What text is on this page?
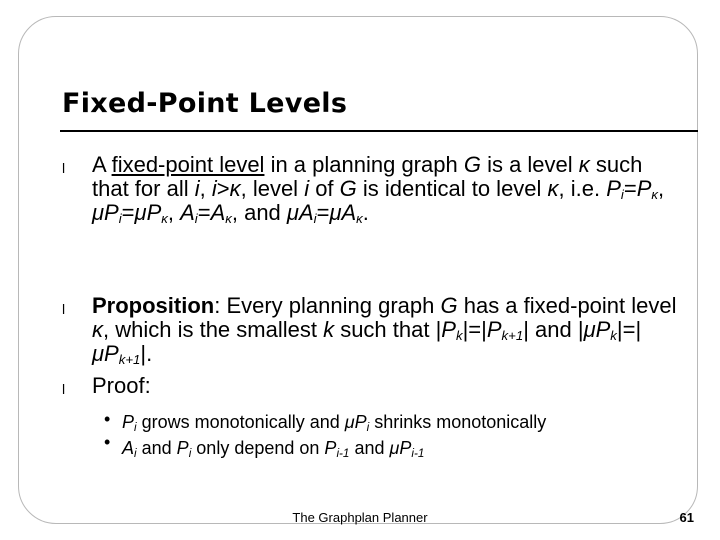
Fixed-Point Levels
l A fixed-point level in a planning graph G is a level κ such that for all i, i>κ, level i of G is identical to level κ, i.e. $P_i=P_\kappa$, $\mu P_i=\mu P_\kappa$, $A_i=A_\kappa$, and $\mu A_i=\mu A_\kappa$.
l Proposition: Every planning graph G has a fixed-point level κ, which is the smallest k such that $|P_k|=|P_{k+1}|$ and $|\mu P_k|=|\mu P_{k+1}|$.
l Proof:
• $P_i$ grows monotonically and $\mu P_i$ shrinks monotonically
• $A_i$ and $P_i$ only depend on $P_{i-1}$ and $\mu P_{i-1}$
The Graphplan Planner	61
